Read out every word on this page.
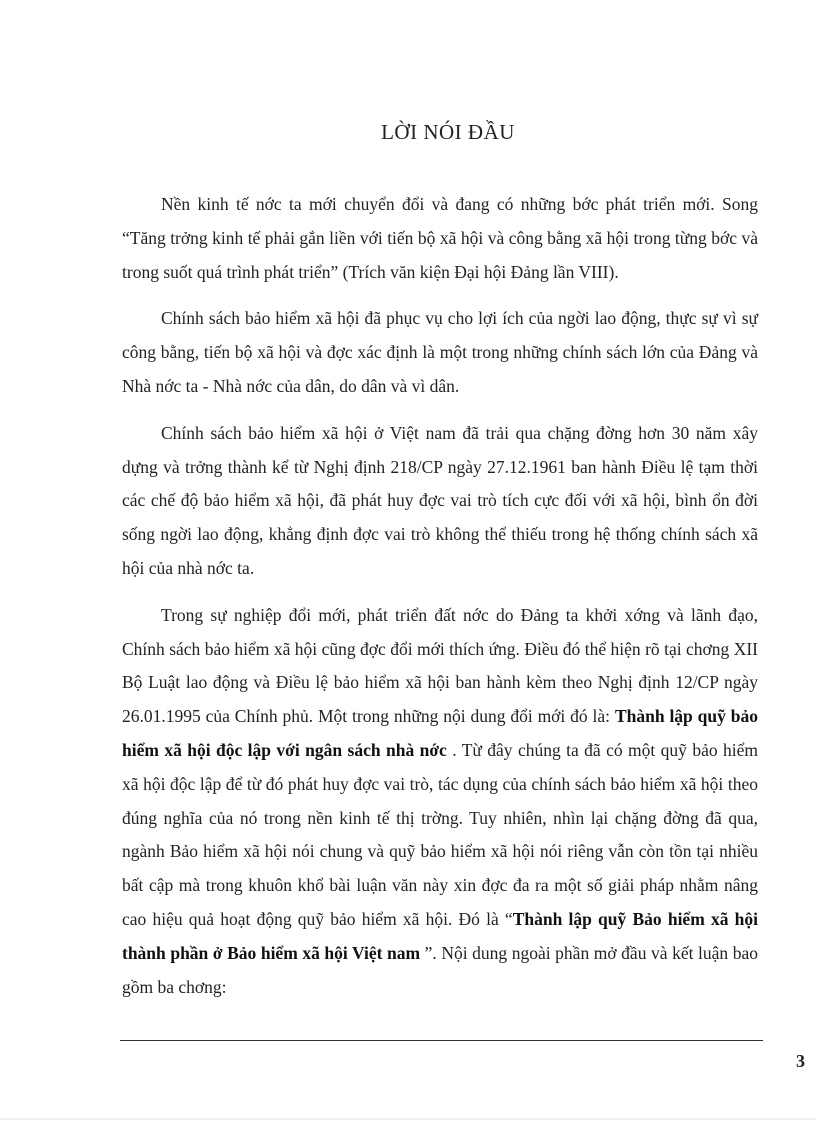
LỜI NÓI ĐẦU

Nền kinh tế nớc ta mới chuyển đổi và đang có những bớc phát triển mới. Song “Tăng trởng kinh tế phải gắn liền với tiến bộ xã hội và công bằng xã hội trong từng bớc và trong suốt quá trình phát triển” (Trích văn kiện Đại hội Đảng lần VIII).

Chính sách bảo hiểm xã hội đã phục vụ cho lợi ích của ngời lao động, thực sự vì sự công bằng, tiến bộ xã hội và đợc xác định là một trong những chính sách lớn của Đảng và Nhà nớc ta - Nhà nớc của dân, do dân và vì dân.

Chính sách bảo hiểm xã hội ở Việt nam đã trải qua chặng đờng hơn 30 năm xây dựng và trởng thành kể từ Nghị định 218/CP ngày 27.12.1961 ban hành Điều lệ tạm thời các chế độ bảo hiểm xã hội, đã phát huy đợc vai trò tích cực đối với xã hội, bình ổn đời sống ngời lao động, khẳng định đợc vai trò không thể thiếu trong hệ thống chính sách xã hội của nhà nớc ta.

Trong sự nghiệp đổi mới, phát triển đất nớc do Đảng ta khởi xớng và lãnh đạo, Chính sách bảo hiểm xã hội cũng đợc đổi mới thích ứng. Điều đó thể hiện rõ tại chơng XII Bộ Luật lao động và Điều lệ bảo hiểm xã hội ban hành kèm theo Nghị định 12/CP ngày 26.01.1995 của Chính phủ. Một trong những nội dung đổi mới đó là: Thành lập quỹ bảo hiểm xã hội độc lập với ngân sách nhà nớc . Từ đây chúng ta đã có một quỹ bảo hiểm xã hội độc lập để từ đó phát huy đợc vai trò, tác dụng của chính sách bảo hiểm xã hội theo đúng nghĩa của nó trong nền kinh tế thị trờng. Tuy nhiên, nhìn lại chặng đờng đã qua, ngành Bảo hiểm xã hội nói chung và quỹ bảo hiểm xã hội nói riêng vẫn còn tồn tại nhiều bất cập mà trong khuôn khổ bài luận văn này xin đợc đa ra một số giải pháp nhằm nâng cao hiệu quả hoạt động quỹ bảo hiểm xã hội. Đó là “Thành lập quỹ Bảo hiểm xã hội thành phần ở Bảo hiểm xã hội Việt nam ”. Nội dung ngoài phần mở đầu và kết luận bao gồm ba chơng:

3
